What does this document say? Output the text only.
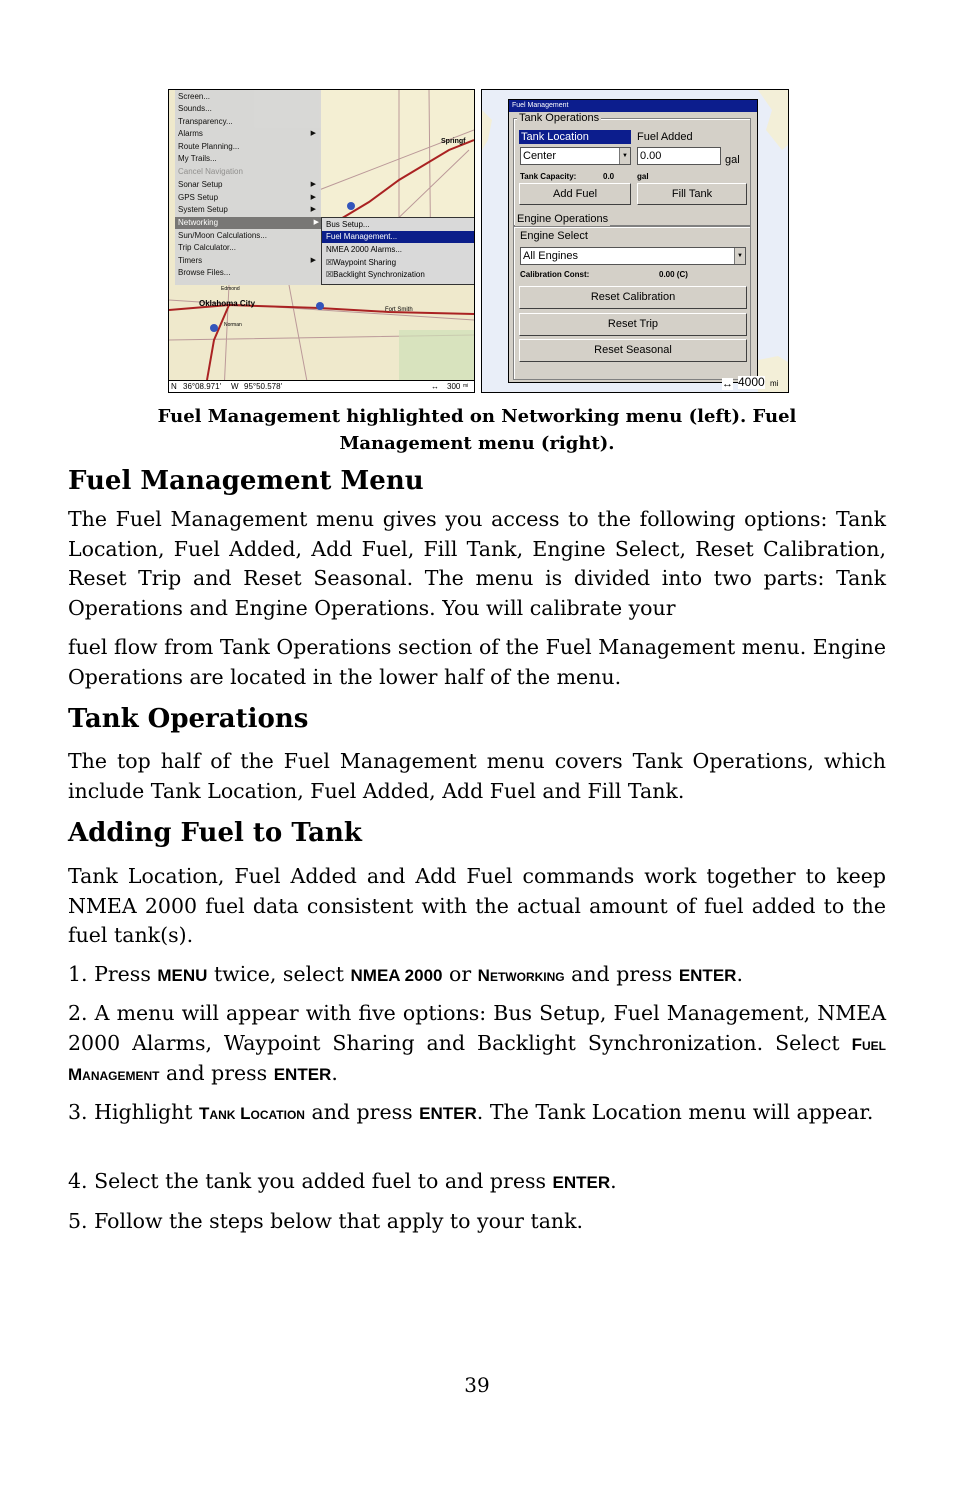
Springf
Oklahoma City
Edmond
Norman
Fort Smith
Screen...
Sounds...
Transparency...
Alarms	▶
Route Planning...
My Trails...
Cancel Navigation
Sonar Setup	▶
GPS Setup	▶
System Setup	▶
Networking	▶
Sun/Moon Calculations...
Trip Calculator...
Timers	▶
Browse Files...
Bus Setup...
Fuel Management...
NMEA 2000 Alarms...
☒Waypoint Sharing
☒Backlight Synchronization
N 36°08.971' W 95°50.578'	↔ 300 mi
Fuel Management
Tank Operations
Tank Location	Fuel Added
Center	▼ 0.00	gal
Tank Capacity:	0.0	gal
Add Fuel	Fill Tank
Engine Operations
Engine Select
All Engines	▼
Calibration Const:	0.00 (C)
Reset Calibration
Reset Trip
Reset Seasonal
↔ 4000 mi
Fuel Management highlighted on Networking menu (left). Fuel
Management menu (right).
Fuel Management Menu

The Fuel Management menu gives you access to the following options: Tank Location, Fuel Added, Add Fuel, Fill Tank, Engine Select, Reset Calibration, Reset Trip and Reset Seasonal. The menu is divided into two parts: Tank Operations and Engine Operations. You will calibrate your

fuel flow from Tank Operations section of the Fuel Management menu. Engine Operations are located in the lower half of the menu.

Tank Operations

The top half of the Fuel Management menu covers Tank Operations, which include Tank Location, Fuel Added, Add Fuel and Fill Tank.

Adding Fuel to Tank

Tank Location, Fuel Added and Add Fuel commands work together to keep NMEA 2000 fuel data consistent with the actual amount of fuel added to the fuel tank(s).

1. Press MENU twice, select NMEA 2000 or Networking and press ENTER.

2. A menu will appear with five options: Bus Setup, Fuel Management, NMEA 2000 Alarms, Waypoint Sharing and Backlight Synchronization. Select Fuel Management and press ENTER.

3. Highlight Tank Location and press ENTER. The Tank Location menu will appear.

4. Select the tank you added fuel to and press ENTER.

5. Follow the steps below that apply to your tank.

39
